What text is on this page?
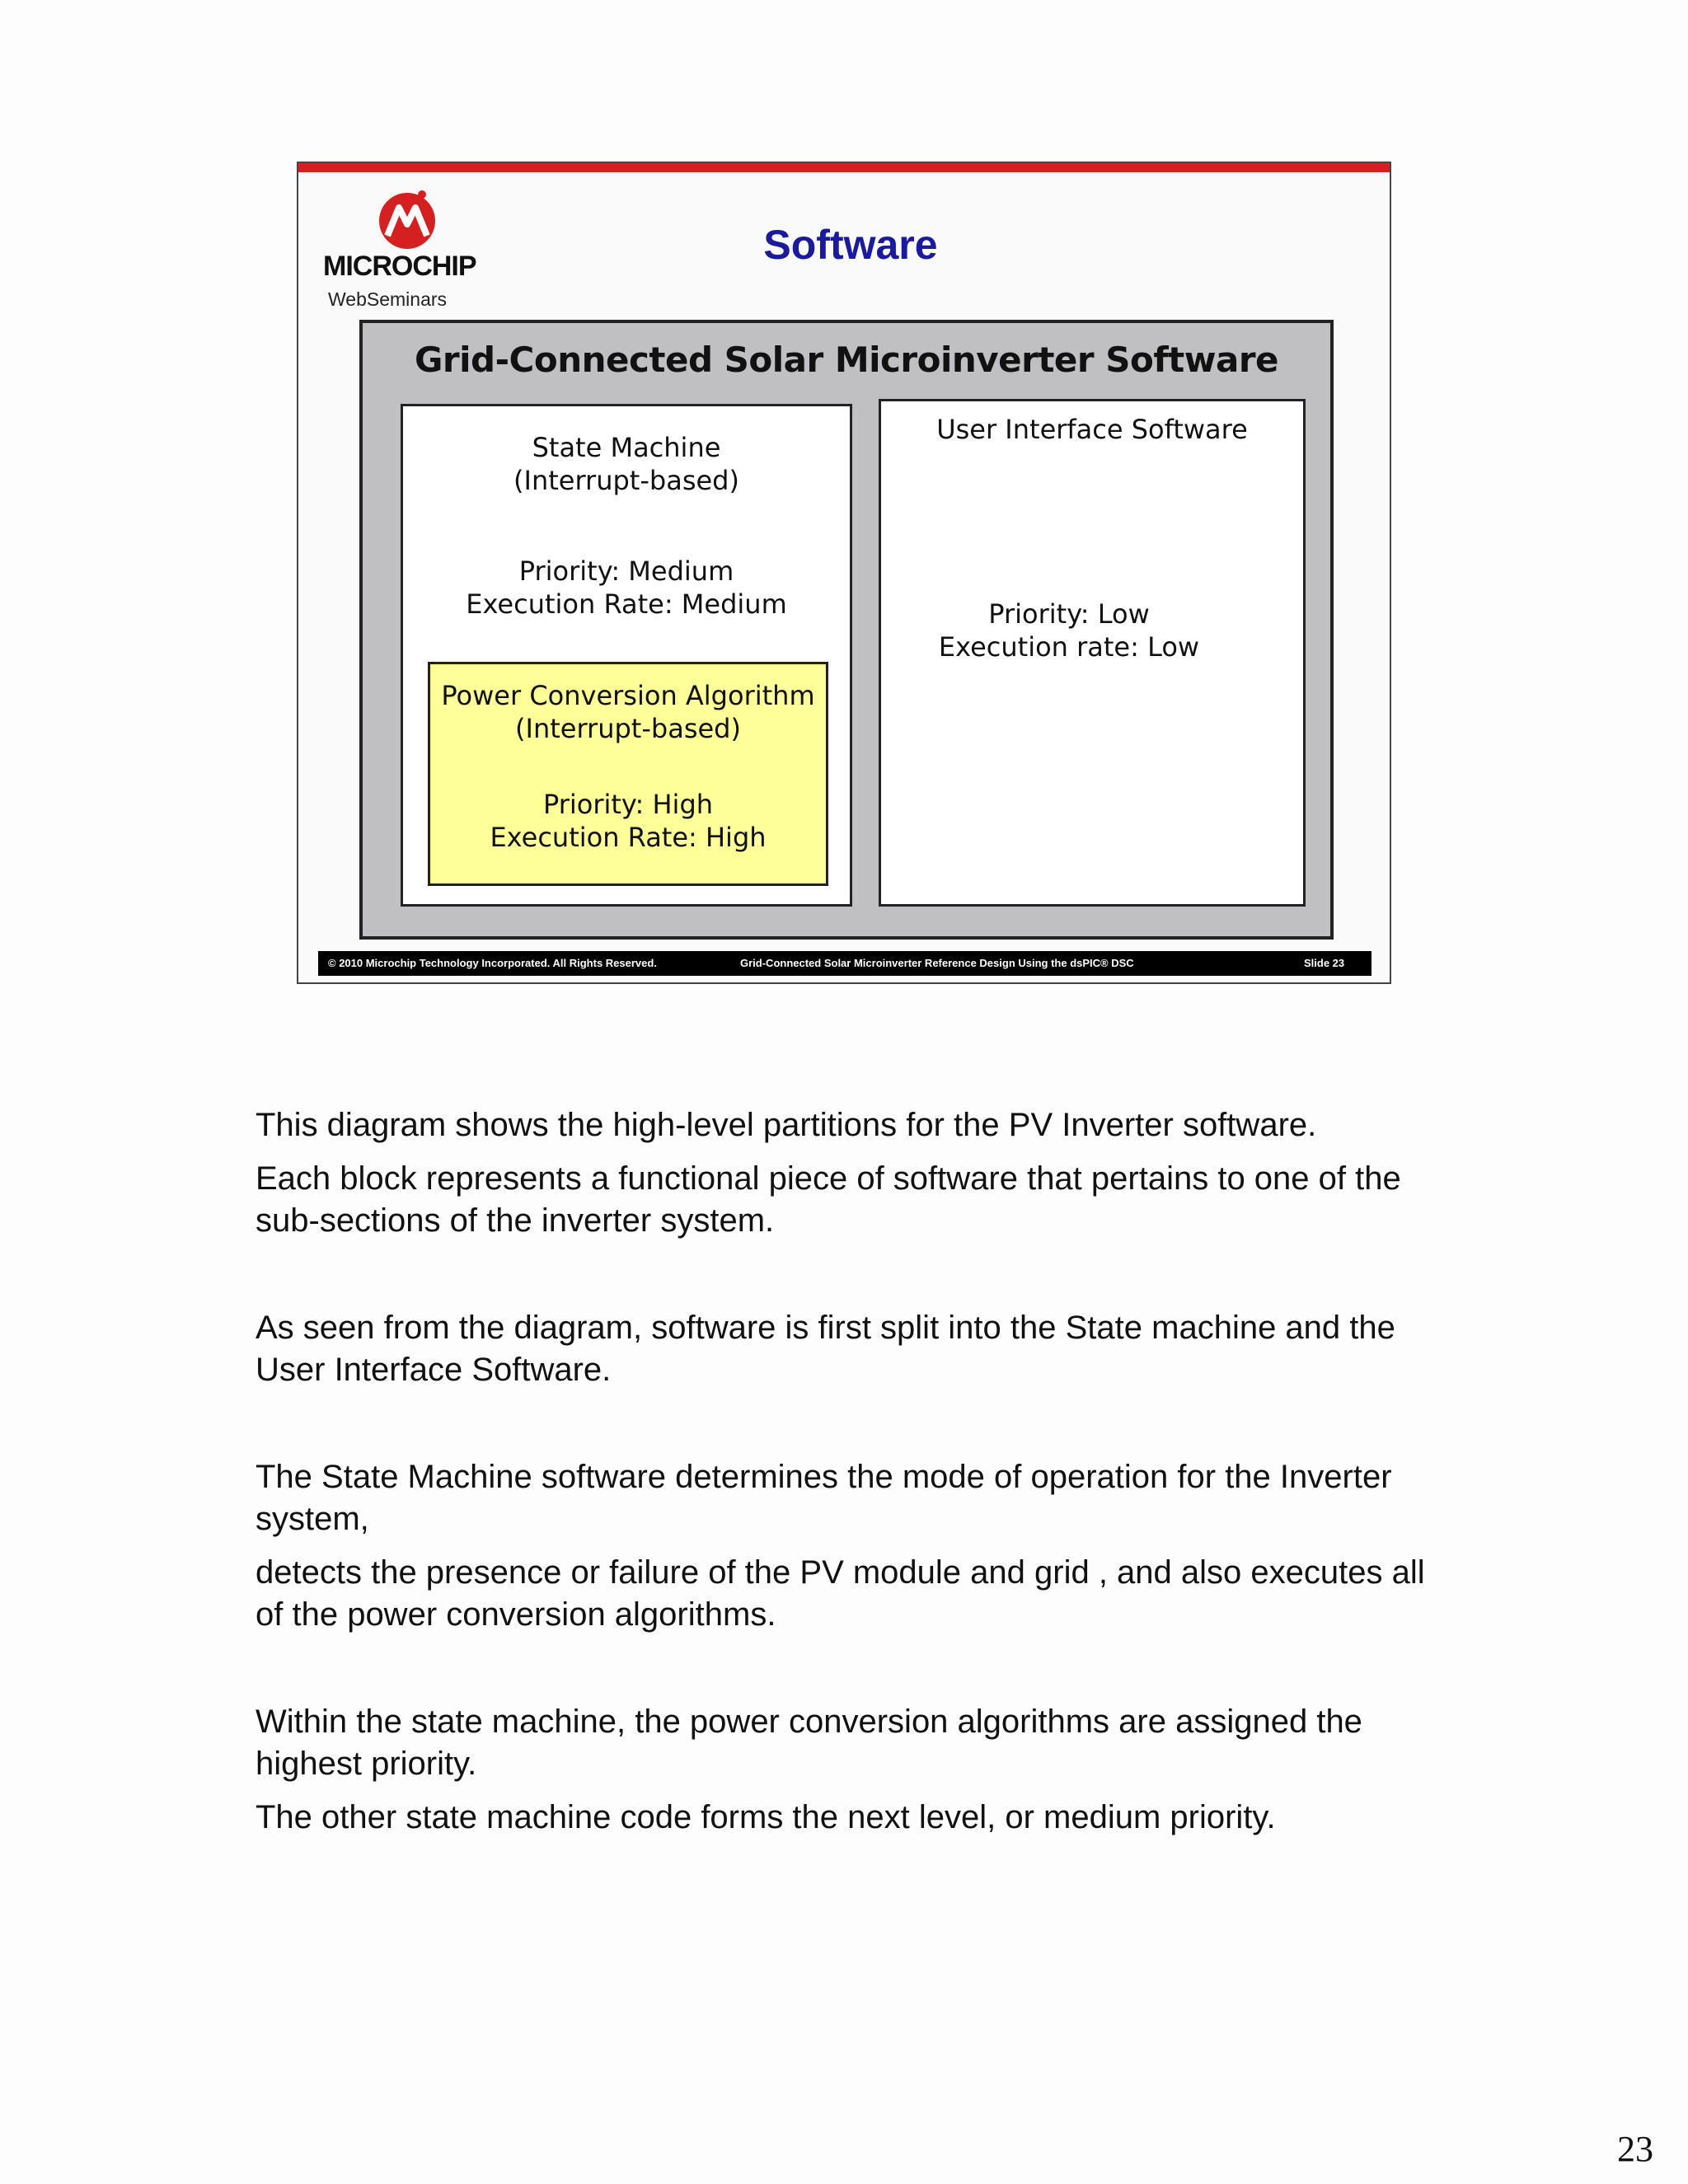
MICROCHIP
WebSeminars
Software
Grid-Connected Solar Microinverter Software
State Machine
(Interrupt-based)
Priority: Medium
Execution Rate: Medium
Power Conversion Algorithm
(Interrupt-based)
Priority: High
Execution Rate: High
User Interface Software
Priority: Low
Execution rate: Low
© 2010 Microchip Technology Incorporated. All Rights Reserved.	Grid-Connected Solar Microinverter Reference Design Using the dsPIC® DSC	Slide 23

This diagram shows the high-level partitions for the PV Inverter software.

Each block represents a functional piece of software that pertains to one of the sub-sections of the inverter system.

As seen from the diagram, software is first split into the State machine and the User Interface Software.

The State Machine software determines the mode of operation for the Inverter system,

detects the presence or failure of the PV module and grid , and also executes all of the power conversion algorithms.

Within the state machine, the power conversion algorithms are assigned the highest priority.

The other state machine code forms the next level, or medium priority.

23
